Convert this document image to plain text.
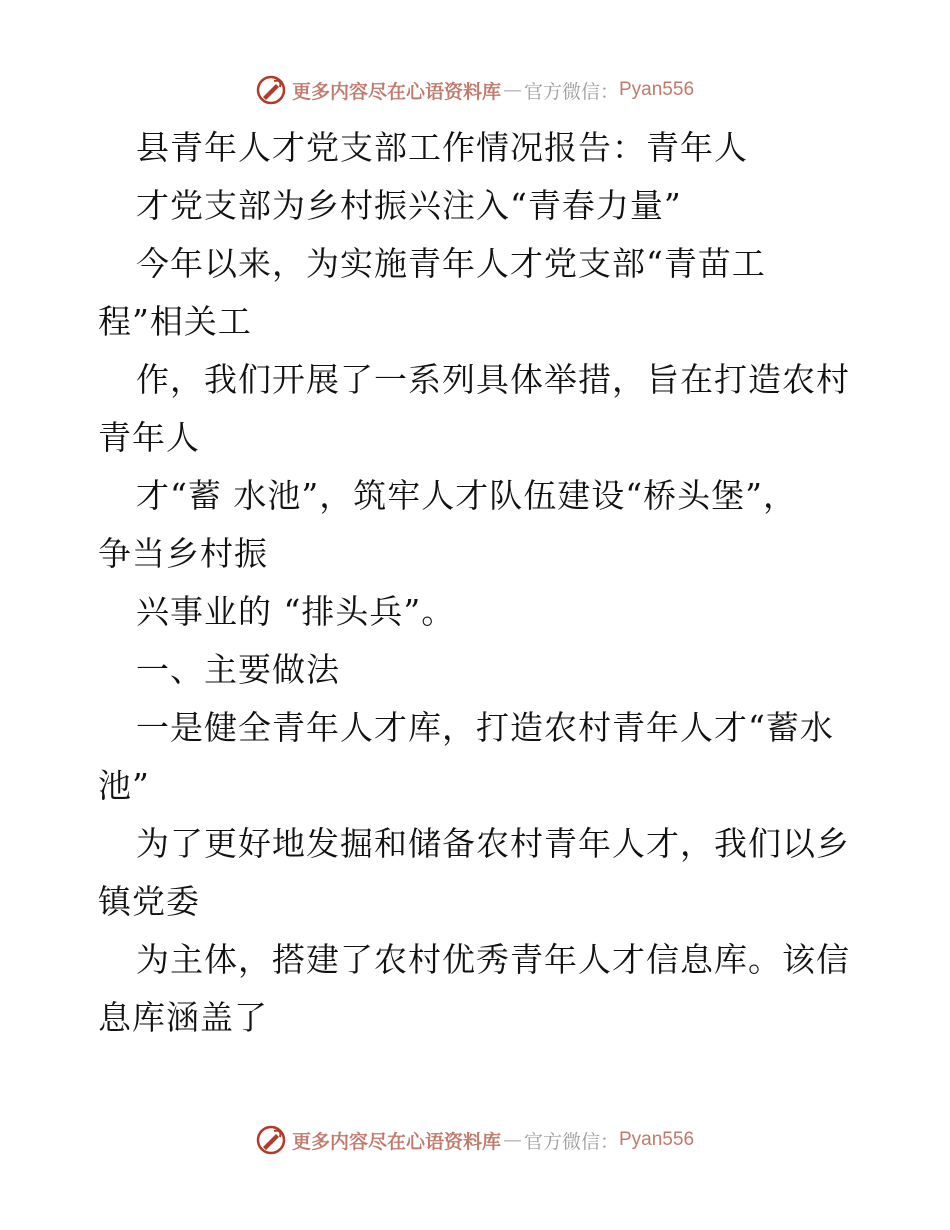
更多内容尽在心语资料库 — 官方微信： Pyan556
县青年人才党支部工作情况报告：青年人
才党支部为乡村振兴注入“青春力量”
今年以来，为实施青年人才党支部“青苗工
程”相关工
作，我们开展了一系列具体举措，旨在打造农村
青年人
才“蓄 水池”，筑牢人才队伍建设“桥头堡”，
争当乡村振
兴事业的 “排头兵”。
一、主要做法
一是健全青年人才库，打造农村青年人才“蓄水
池”
为了更好地发掘和储备农村青年人才，我们以乡
镇党委
为主体，搭建了农村优秀青年人才信息库。该信
息库涵盖了
更多内容尽在心语资料库 — 官方微信： Pyan556
